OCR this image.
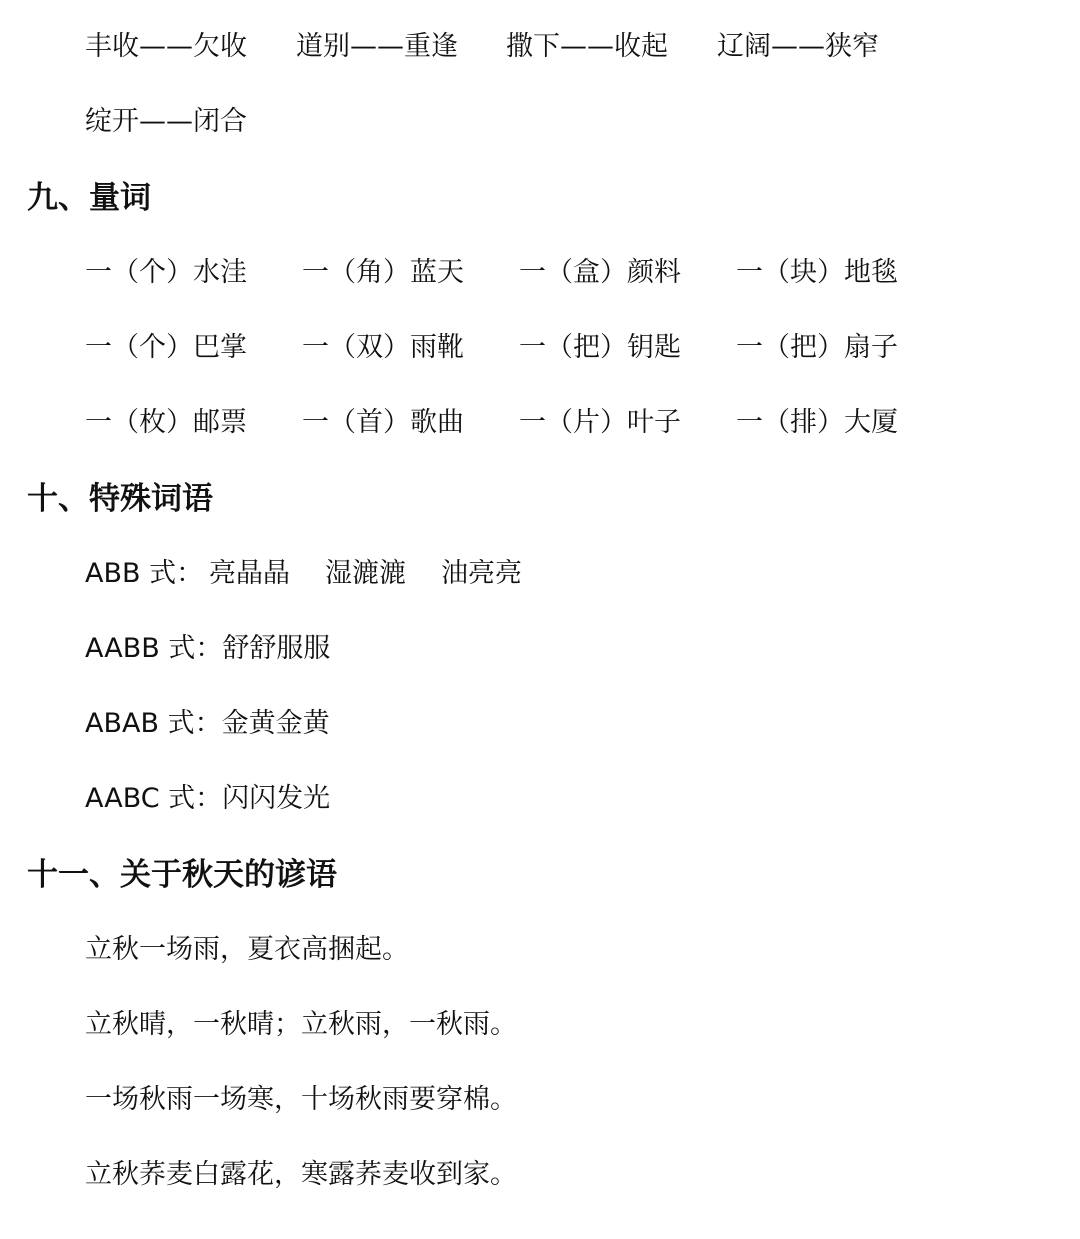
丰收——欠收 道别——重逢 撒下——收起 辽阔——狭窄
绽开——闭合
九、量词
一（个）水洼 一（角）蓝天 一（盒）颜料 一（块）地毯
一（个）巴掌 一（双）雨靴 一（把）钥匙 一（把）扇子
一（枚）邮票 一（首）歌曲 一（片）叶子 一（排）大厦
十、特殊词语
ABB 式： 亮晶晶 湿漉漉 油亮亮
AABB 式：舒舒服服
ABAB 式：金黄金黄
AABC 式：闪闪发光
十一、关于秋天的谚语
立秋一场雨，夏衣高捆起。
立秋晴，一秋晴；立秋雨，一秋雨。
一场秋雨一场寒，十场秋雨要穿棉。
立秋荞麦白露花，寒露荞麦收到家。
